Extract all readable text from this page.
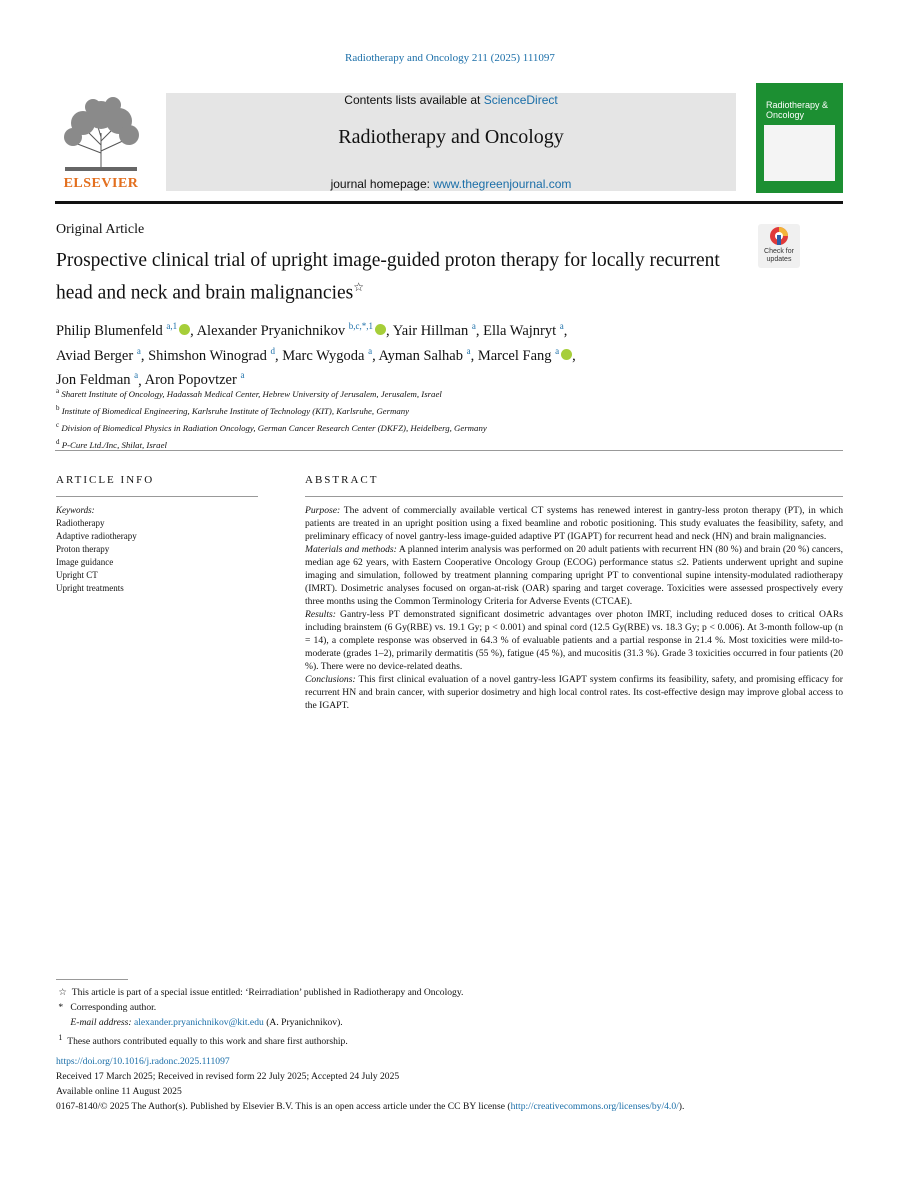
Radiotherapy and Oncology 211 (2025) 111097
ELSEVIER
Contents lists available at ScienceDirect
Radiotherapy and Oncology
journal homepage: www.thegreenjournal.com
Radiotherapy & Oncology
Original Article
Prospective clinical trial of upright image-guided proton therapy for locally recurrent head and neck and brain malignancies☆
Check for updates
Philip Blumenfeld $^{a,1}$ , Alexander Pryanichnikov $^{b,c,*,1}$ , Yair Hillman $^a$, Ella Wajnryt $^a$,
Aviad Berger $^a$, Shimshon Winograd $^d$, Marc Wygoda $^a$, Ayman Salhab $^a$, Marcel Fang $^a$ ,
Jon Feldman $^a$, Aron Popovtzer $^a$
$^a$ Sharett Institute of Oncology, Hadassah Medical Center, Hebrew University of Jerusalem, Jerusalem, Israel
$^b$ Institute of Biomedical Engineering, Karlsruhe Institute of Technology (KIT), Karlsruhe, Germany
$^c$ Division of Biomedical Physics in Radiation Oncology, German Cancer Research Center (DKFZ), Heidelberg, Germany
$^d$ P-Cure Ltd./Inc, Shilat, Israel
ARTICLE INFO
Keywords:
Radiotherapy
Adaptive radiotherapy
Proton therapy
Image guidance
Upright CT
Upright treatments
ABSTRACT

Purpose: The advent of commercially available vertical CT systems has renewed interest in gantry-less proton therapy (PT), in which patients are treated in an upright position using a fixed beamline and robotic positioning. This study evaluates the feasibility, safety, and preliminary efficacy of novel gantry-less image-guided adaptive PT (IGAPT) for recurrent head and neck (HN) and brain malignancies.

Materials and methods: A planned interim analysis was performed on 20 adult patients with recurrent HN (80 %) and brain (20 %) cancers, median age 62 years, with Eastern Cooperative Oncology Group (ECOG) performance status ≤2. Patients underwent upright and supine imaging and simulation, followed by treatment planning comparing upright PT to conventional supine intensity-modulated radiotherapy (IMRT). Dosimetric analyses focused on organ-at-risk (OAR) sparing and target coverage. Toxicities were assessed prospectively every three months using the Common Terminology Criteria for Adverse Events (CTCAE).

Results: Gantry-less PT demonstrated significant dosimetric advantages over photon IMRT, including reduced doses to critical OARs including brainstem (6 Gy(RBE) vs. 19.1 Gy; p < 0.001) and spinal cord (12.5 Gy(RBE) vs. 18.3 Gy; p < 0.006). At 3-month follow-up (n = 14), a complete response was observed in 64.3 % of evaluable patients and a partial response in 21.4 %. Most toxicities were mild-to-moderate (grades 1–2), primarily dermatitis (55 %), fatigue (45 %), and mucositis (31.3 %). Grade 3 toxicities occurred in four patients (20 %). There were no device-related deaths.

Conclusions: This first clinical evaluation of a novel gantry-less IGAPT system confirms its feasibility, safety, and promising efficacy for recurrent HN and brain cancer, with superior dosimetry and high local control rates. Its cost-effective design may improve global access to the IGAPT.

☆  This article is part of a special issue entitled: ‘Reirradiation’ published in Radiotherapy and Oncology.

*   Corresponding author.

E-mail address: alexander.pryanichnikov@kit.edu (A. Pryanichnikov).

$^1$ These authors contributed equally to this work and share first authorship.

https://doi.org/10.1016/j.radonc.2025.111097

Received 17 March 2025; Received in revised form 22 July 2025; Accepted 24 July 2025

Available online 11 August 2025

0167-8140/© 2025 The Author(s). Published by Elsevier B.V. This is an open access article under the CC BY license (http://creativecommons.org/licenses/by/4.0/).
